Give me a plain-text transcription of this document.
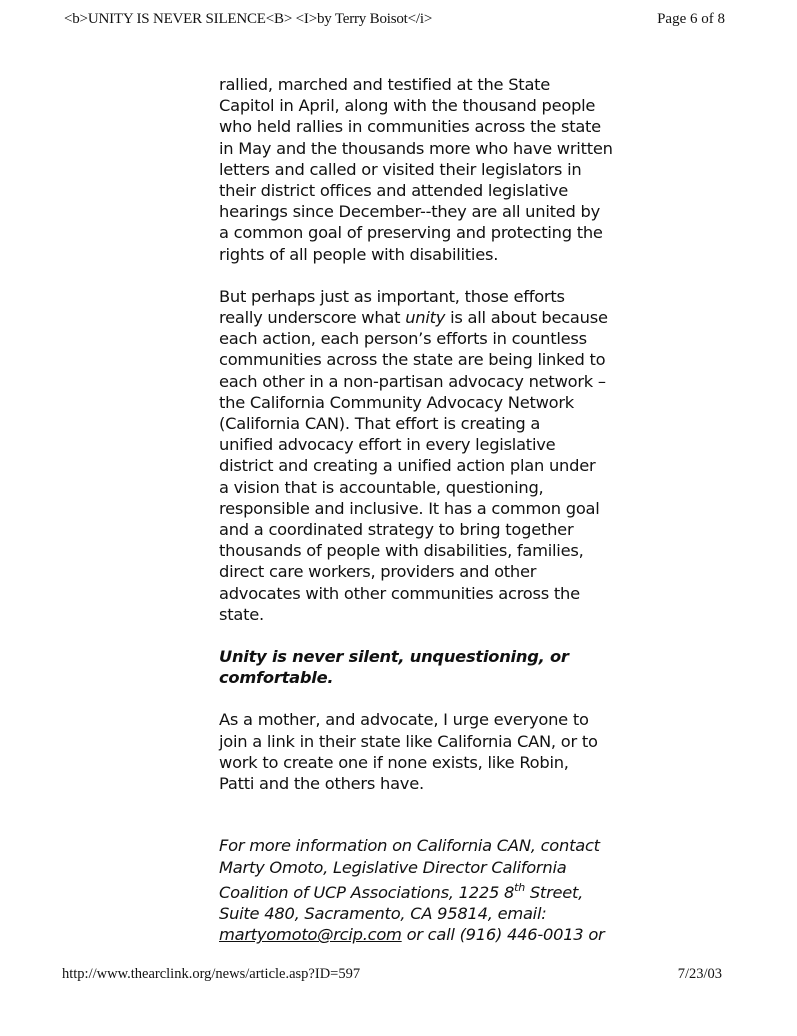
<b>UNITY IS NEVER SILENCE<B> <I>by Terry Boisot</i>	Page 6 of 8

rallied, marched and testified at the State
Capitol in April, along with the thousand people
who held rallies in communities across the state
in May and the thousands more who have written
letters and called or visited their legislators in
their district offices and attended legislative
hearings since December--they are all united by
a common goal of preserving and protecting the
rights of all people with disabilities.

But perhaps just as important, those efforts
really underscore what unity is all about because
each action, each person’s efforts in countless
communities across the state are being linked to
each other in a non-partisan advocacy network –
the California Community Advocacy Network
(California CAN). That effort is creating a
unified advocacy effort in every legislative
district and creating a unified action plan under
a vision that is accountable, questioning,
responsible and inclusive. It has a common goal
and a coordinated strategy to bring together
thousands of people with disabilities, families,
direct care workers, providers and other
advocates with other communities across the
state.

Unity is never silent, unquestioning, or
comfortable.

As a mother, and advocate, I urge everyone to
join a link in their state like California CAN, or to
work to create one if none exists, like Robin,
Patti and the others have.

For more information on California CAN, contact
Marty Omoto, Legislative Director California
Coalition of UCP Associations, 1225 8th Street,
Suite 480, Sacramento, CA 95814, email:
martyomoto@rcip.com or call (916) 446-0013 or

http://www.thearclink.org/news/article.asp?ID=597	7/23/03
